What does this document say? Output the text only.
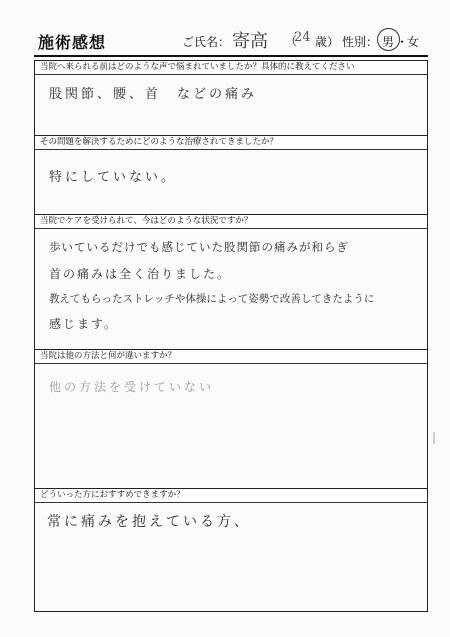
施術感想	ご氏名： 寄高 （
24 歳） 性別： 男 ・
女
当院へ来られる前はどのような声で悩まれていましたか？具体的に教えてください
股関節、腰、首　などの痛み
その問題を解決するためにどのような治療されてきましたか？
特にしていない。
当院でケアを受けられて、今はどのような状況ですか？
歩いているだけでも感じていた股関節の痛みが和らぎ
首の痛みは全く治りました。
教えてもらったストレッチや体操によって姿勢で改善してきたように
感じます。
当院は他の方法と何が違いますか？
他の方法を受けていない
どういった方におすすめできますか？
常に痛みを抱えている方、
